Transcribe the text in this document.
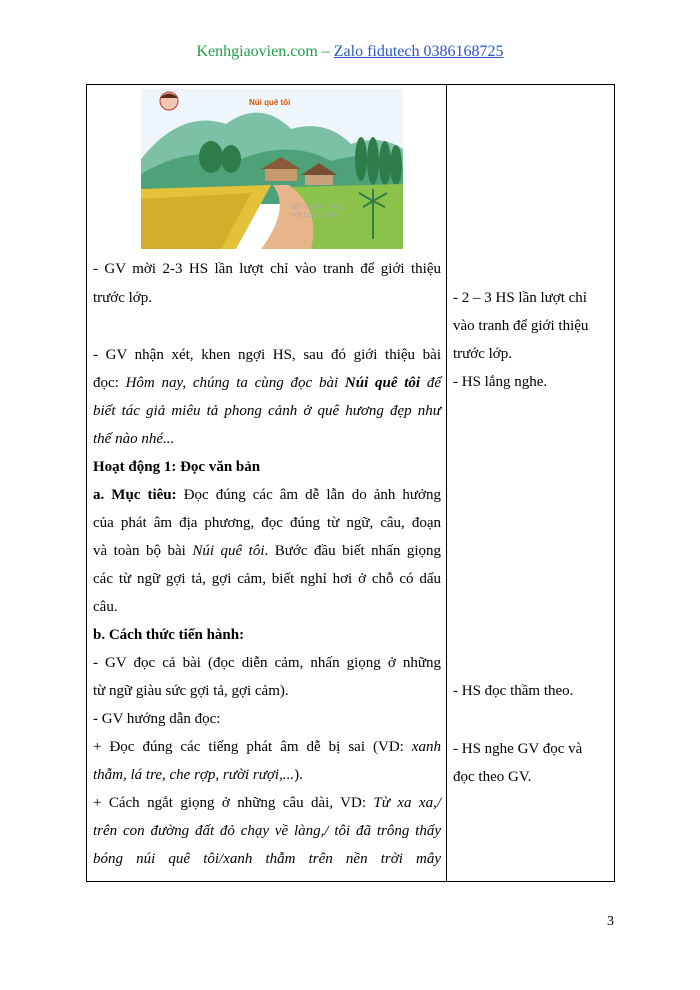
Kenhgiaovien.com – Zalo fidutech 0386168725
Núi quê tôi
KẾT NỐI TRI THỨC
VỚI CUỘC SỐNG
- GV mời 2-3 HS lần lượt chỉ vào tranh để giới thiệu
trước lớp.
- GV nhận xét, khen ngợi HS, sau đó giới thiệu bài
đọc: Hôm nay, chúng ta cùng đọc bài Núi quê tôi để
biết tác giả miêu tả phong cảnh ở quê hương đẹp như
thế nào nhé...
Hoạt động 1: Đọc văn bản
a. Mục tiêu: Đọc đúng các âm dễ lẫn do ảnh hưởng
của phát âm địa phương, đọc đúng từ ngữ, câu, đoạn
và toàn bộ bài Núi quê tôi. Bước đầu biết nhấn giọng
các từ ngữ gợi tả, gợi cảm, biết nghỉ hơi ở chỗ có dấu
câu.
b. Cách thức tiến hành:
- GV đọc cả bài (đọc diễn cảm, nhấn giọng ở những
từ ngữ giàu sức gợi tả, gợi cảm).
- GV hướng dẫn đọc:
+ Đọc đúng các tiếng phát âm dễ bị sai (VD: xanh
thẫm, lá tre, che rợp, rười rượi,...).
+ Cách ngắt giọng ở những câu dài, VD: Từ xa xa,/
trên con đường đất đỏ chạy về làng,/ tôi đã trông thấy
bóng núi quê tôi/xanh thẫm trên nền trời mây
- 2 – 3 HS lần lượt chỉ
vào tranh để giới thiệu
trước lớp.
- HS lắng nghe.
- HS đọc thầm theo.
- HS nghe GV đọc và
đọc theo GV.
3
